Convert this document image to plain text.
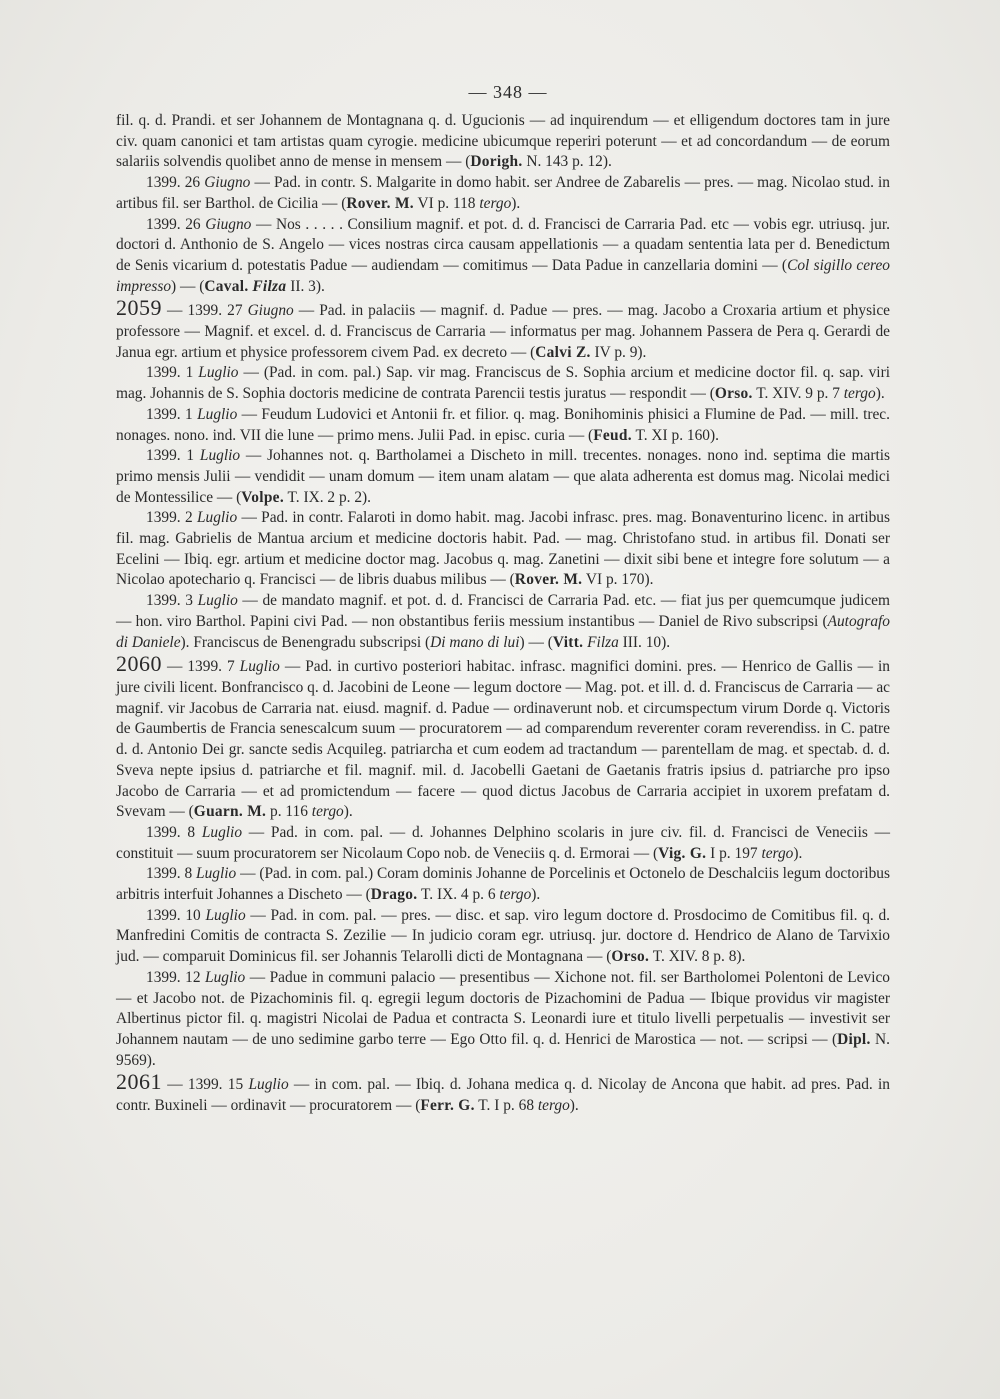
— 348 —

fil. q. d. Prandi. et ser Johannem de Montagnana q. d. Ugucionis — ad inquirendum — et elligendum doctores tam in jure civ. quam canonici et tam artistas quam cyrogie. medicine ubicumque reperiri poterunt — et ad concordandum — de eorum salariis solvendis quolibet anno de mense in mensem — (Dorigh. N. 143 p. 12).

1399. 26 Giugno — Pad. in contr. S. Malgarite in domo habit. ser Andree de Zabarelis — pres. — mag. Nicolao stud. in artibus fil. ser Barthol. de Cicilia — (Rover. M. VI p. 118 tergo).

1399. 26 Giugno — Nos . . . . . Consilium magnif. et pot. d. d. Francisci de Carraria Pad. etc — vobis egr. utriusq. jur. doctori d. Anthonio de S. Angelo — vices nostras circa causam appellationis — a quadam sententia lata per d. Benedictum de Senis vicarium d. potestatis Padue — audiendam — comitimus — Data Padue in canzellaria domini — (Col sigillo cereo impresso) — (Caval. Filza II. 3).

2059 — 1399. 27 Giugno — Pad. in palaciis — magnif. d. Padue — pres. — mag. Jacobo a Croxaria artium et physice professore — Magnif. et excel. d. d. Franciscus de Carraria — informatus per mag. Johannem Passera de Pera q. Gerardi de Janua egr. artium et physice professorem civem Pad. ex decreto — (Calvi Z. IV p. 9).

1399. 1 Luglio — (Pad. in com. pal.) Sap. vir mag. Franciscus de S. Sophia arcium et medicine doctor fil. q. sap. viri mag. Johannis de S. Sophia doctoris medicine de contrata Parencii testis juratus — respondit — (Orso. T. XIV. 9 p. 7 tergo).

1399. 1 Luglio — Feudum Ludovici et Antonii fr. et filior. q. mag. Bonihominis phisici a Flumine de Pad. — mill. trec. nonages. nono. ind. VII die lune — primo mens. Julii Pad. in episc. curia — (Feud. T. XI p. 160).

1399. 1 Luglio — Johannes not. q. Bartholamei a Discheto in mill. trecentes. nonages. nono ind. septima die martis primo mensis Julii — vendidit — unam domum — item unam alatam — que alata adherenta est domus mag. Nicolai medici de Montessilice — (Volpe. T. IX. 2 p. 2).

1399. 2 Luglio — Pad. in contr. Falaroti in domo habit. mag. Jacobi infrasc. pres. mag. Bonaventurino licenc. in artibus fil. mag. Gabrielis de Mantua arcium et medicine doctoris habit. Pad. — mag. Christofano stud. in artibus fil. Donati ser Ecelini — Ibiq. egr. artium et medicine doctor mag. Jacobus q. mag. Zanetini — dixit sibi bene et integre fore solutum — a Nicolao apotechario q. Francisci — de libris duabus milibus — (Rover. M. VI p. 170).

1399. 3 Luglio — de mandato magnif. et pot. d. d. Francisci de Carraria Pad. etc. — fiat jus per quemcumque judicem — hon. viro Barthol. Papini civi Pad. — non obstantibus feriis messium instantibus — Daniel de Rivo subscripsi (Autografo di Daniele). Franciscus de Benengradu subscripsi (Di mano di lui) — (Vitt. Filza III. 10).

2060 — 1399. 7 Luglio — Pad. in curtivo posteriori habitac. infrasc. magnifici domini. pres. — Henrico de Gallis — in jure civili licent. Bonfrancisco q. d. Jacobini de Leone — legum doctore — Mag. pot. et ill. d. d. Franciscus de Carraria — ac magnif. vir Jacobus de Carraria nat. eiusd. magnif. d. Padue — ordinaverunt nob. et circumspectum virum Dorde q. Victoris de Gaumbertis de Francia senescalcum suum — procuratorem — ad comparendum reverenter coram reverendiss. in C. patre d. d. Antonio Dei gr. sancte sedis Acquileg. patriarcha et cum eodem ad tractandum — parentellam de mag. et spectab. d. d. Sveva nepte ipsius d. patriarche et fil. magnif. mil. d. Jacobelli Gaetani de Gaetanis fratris ipsius d. patriarche pro ipso Jacobo de Carraria — et ad promictendum — facere — quod dictus Jacobus de Carraria accipiet in uxorem prefatam d. Svevam — (Guarn. M. p. 116 tergo).

1399. 8 Luglio — Pad. in com. pal. — d. Johannes Delphino scolaris in jure civ. fil. d. Francisci de Veneciis — constituit — suum procuratorem ser Nicolaum Copo nob. de Veneciis q. d. Ermorai — (Vig. G. I p. 197 tergo).

1399. 8 Luglio — (Pad. in com. pal.) Coram dominis Johanne de Porcelinis et Octonelo de Deschalciis legum doctoribus arbitris interfuit Johannes a Discheto — (Drago. T. IX. 4 p. 6 tergo).

1399. 10 Luglio — Pad. in com. pal. — pres. — disc. et sap. viro legum doctore d. Prosdocimo de Comitibus fil. q. d. Manfredini Comitis de contracta S. Zezilie — In judicio coram egr. utriusq. jur. doctore d. Hendrico de Alano de Tarvixio jud. — comparuit Dominicus fil. ser Johannis Telarolli dicti de Montagnana — (Orso. T. XIV. 8 p. 8).

1399. 12 Luglio — Padue in communi palacio — presentibus — Xichone not. fil. ser Bartholomei Polentoni de Levico — et Jacobo not. de Pizachominis fil. q. egregii legum doctoris de Pizachomini de Padua — Ibique providus vir magister Albertinus pictor fil. q. magistri Nicolai de Padua et contracta S. Leonardi iure et titulo livelli perpetualis — investivit ser Johannem nautam — de uno sedimine garbo terre — Ego Otto fil. q. d. Henrici de Marostica — not. — scripsi — (Dipl. N. 9569).

2061 — 1399. 15 Luglio — in com. pal. — Ibiq. d. Johana medica q. d. Nicolay de Ancona que habit. ad pres. Pad. in contr. Buxineli — ordinavit — procuratorem — (Ferr. G. T. I p. 68 tergo).
